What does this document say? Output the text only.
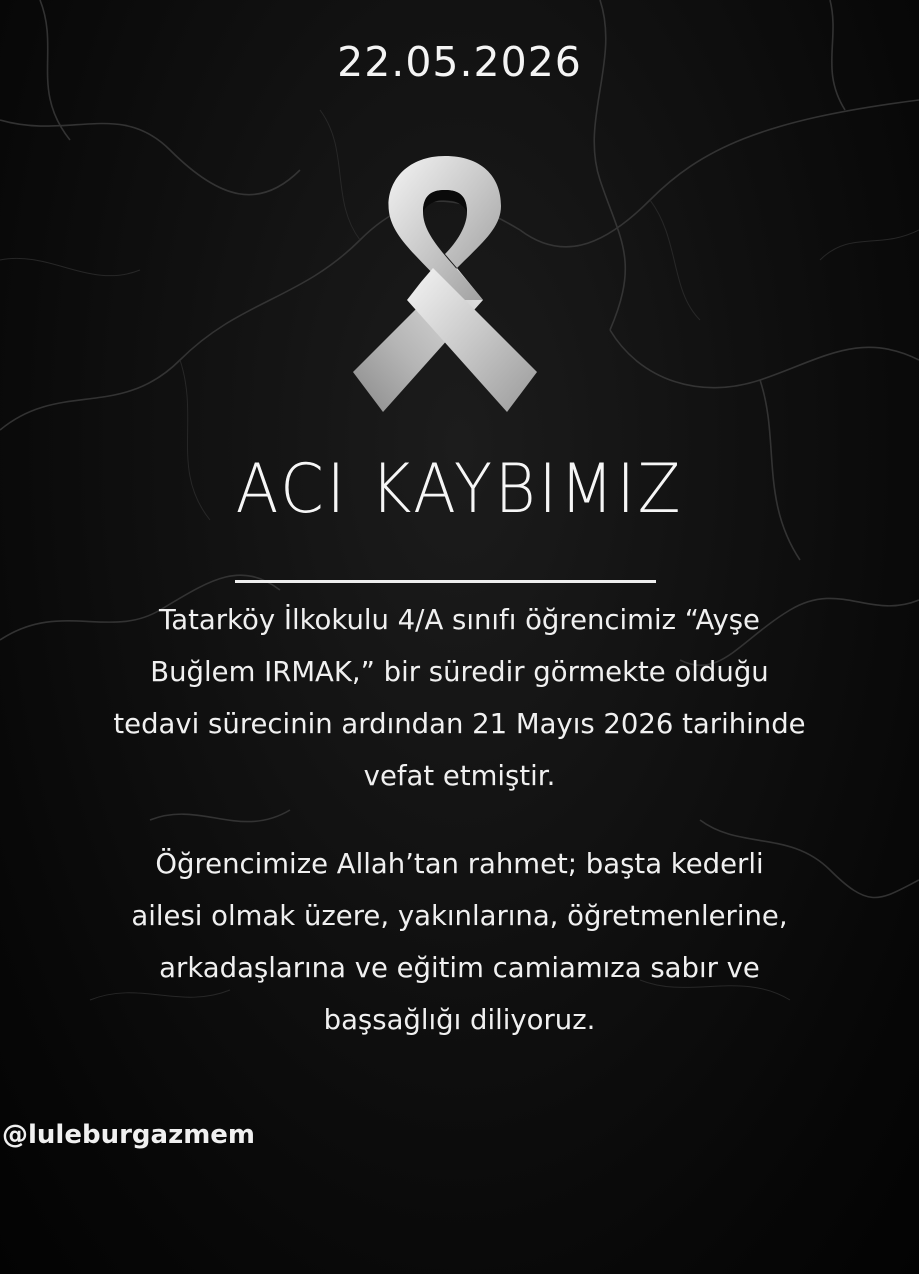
22.05.2026
ACI KAYBIMIZ
Tatarköy İlkokulu 4/A sınıfı öğrencimiz “Ayşe
Buğlem IRMAK,” bir süredir görmekte olduğu
tedavi sürecinin ardından 21 Mayıs 2026 tarihinde
vefat etmiştir.
Öğrencimize Allah’tan rahmet; başta kederli
ailesi olmak üzere, yakınlarına, öğretmenlerine,
arkadaşlarına ve eğitim camiamıza sabır ve
başsağlığı diliyoruz.
@luleburgazmem
